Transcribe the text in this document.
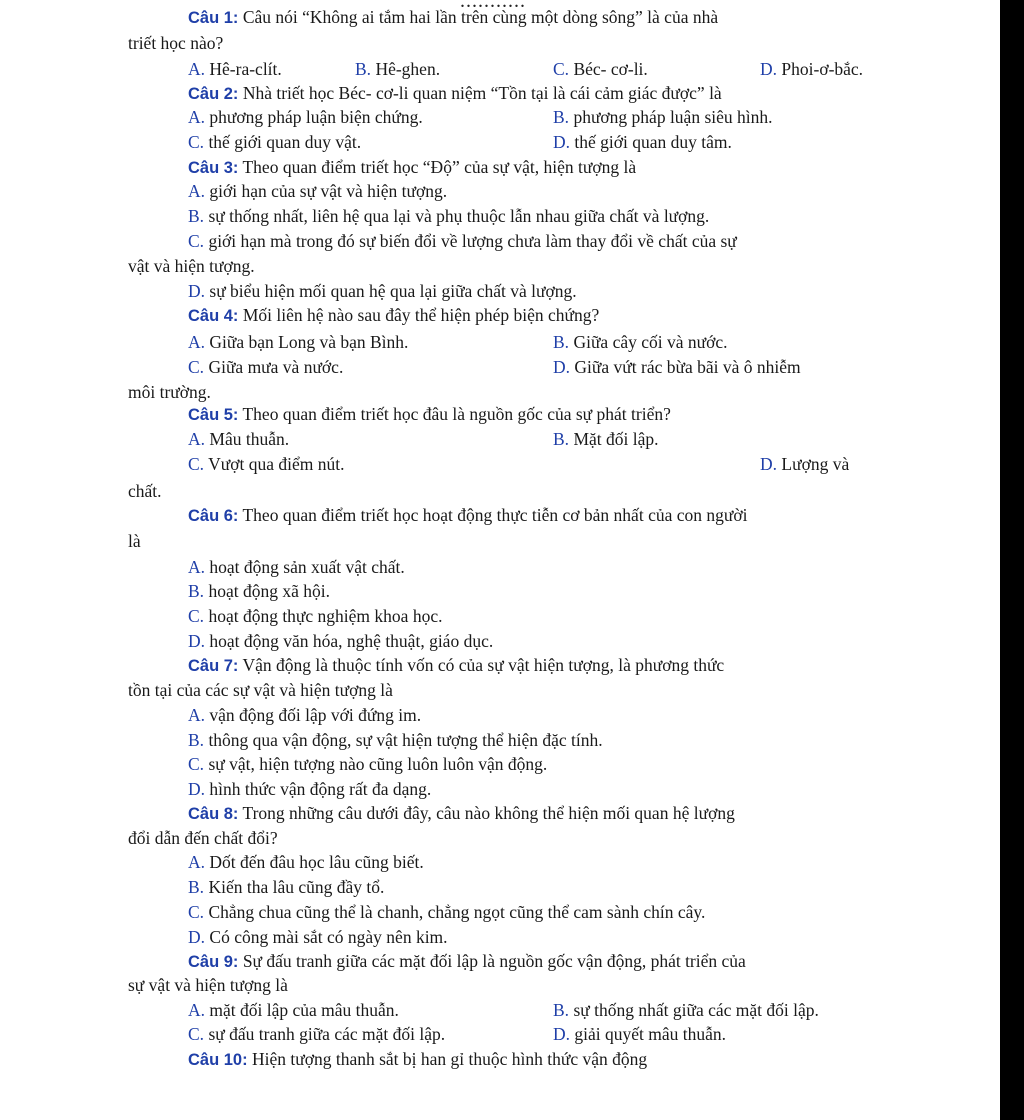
...........
Câu 1: Câu nói “Không ai tắm hai lần trên cùng một dòng sông” là của nhà
triết học nào?
A. Hê-ra-clít.	B. Hê-ghen.	C. Béc- cơ-li.	D. Phoi-ơ-bắc.
Câu 2: Nhà triết học Béc- cơ-li quan niệm “Tồn tại là cái cảm giác được” là
A. phương pháp luận biện chứng.	B. phương pháp luận siêu hình.
C. thế giới quan duy vật.	D. thế giới quan duy tâm.
Câu 3: Theo quan điểm triết học “Độ” của sự vật, hiện tượng là
A. giới hạn của sự vật và hiện tượng.
B. sự thống nhất, liên hệ qua lại và phụ thuộc lẫn nhau giữa chất và lượng.
C. giới hạn mà trong đó sự biến đổi về lượng chưa làm thay đổi về chất của sự
vật và hiện tượng.
D. sự biểu hiện mối quan hệ qua lại giữa chất và lượng.
Câu 4: Mối liên hệ nào sau đây thể hiện phép biện chứng?
A. Giữa bạn Long và bạn Bình.	B. Giữa cây cối và nước.
C. Giữa mưa và nước.	D. Giữa vứt rác bừa bãi và ô nhiễm
môi trường.
Câu 5: Theo quan điểm triết học đâu là nguồn gốc của sự phát triển?
A. Mâu thuẫn.	B. Mặt đối lập.
C. Vượt qua điểm nút.	D. Lượng và
chất.
Câu 6: Theo quan điểm triết học hoạt động thực tiễn cơ bản nhất của con người
là
A. hoạt động sản xuất vật chất.
B. hoạt động xã hội.
C. hoạt động thực nghiệm khoa học.
D. hoạt động văn hóa, nghệ thuật, giáo dục.
Câu 7: Vận động là thuộc tính vốn có của sự vật hiện tượng, là phương thức
tồn tại của các sự vật và hiện tượng là
A. vận động đối lập với đứng im.
B. thông qua vận động, sự vật hiện tượng thể hiện đặc tính.
C. sự vật, hiện tượng nào cũng luôn luôn vận động.
D. hình thức vận động rất đa dạng.
Câu 8: Trong những câu dưới đây, câu nào không thể hiện mối quan hệ lượng
đổi dẫn đến chất đổi?
A. Dốt đến đâu học lâu cũng biết.
B. Kiến tha lâu cũng đầy tổ.
C. Chẳng chua cũng thể là chanh, chẳng ngọt cũng thể cam sành chín cây.
D. Có công mài sắt có ngày nên kim.
Câu 9: Sự đấu tranh giữa các mặt đối lập là nguồn gốc vận động, phát triển của
sự vật và hiện tượng là
A. mặt đối lập của mâu thuẫn.	B. sự thống nhất giữa các mặt đối lập.
C. sự đấu tranh giữa các mặt đối lập.	D. giải quyết mâu thuẫn.
Câu 10: Hiện tượng thanh sắt bị han gỉ thuộc hình thức vận động
